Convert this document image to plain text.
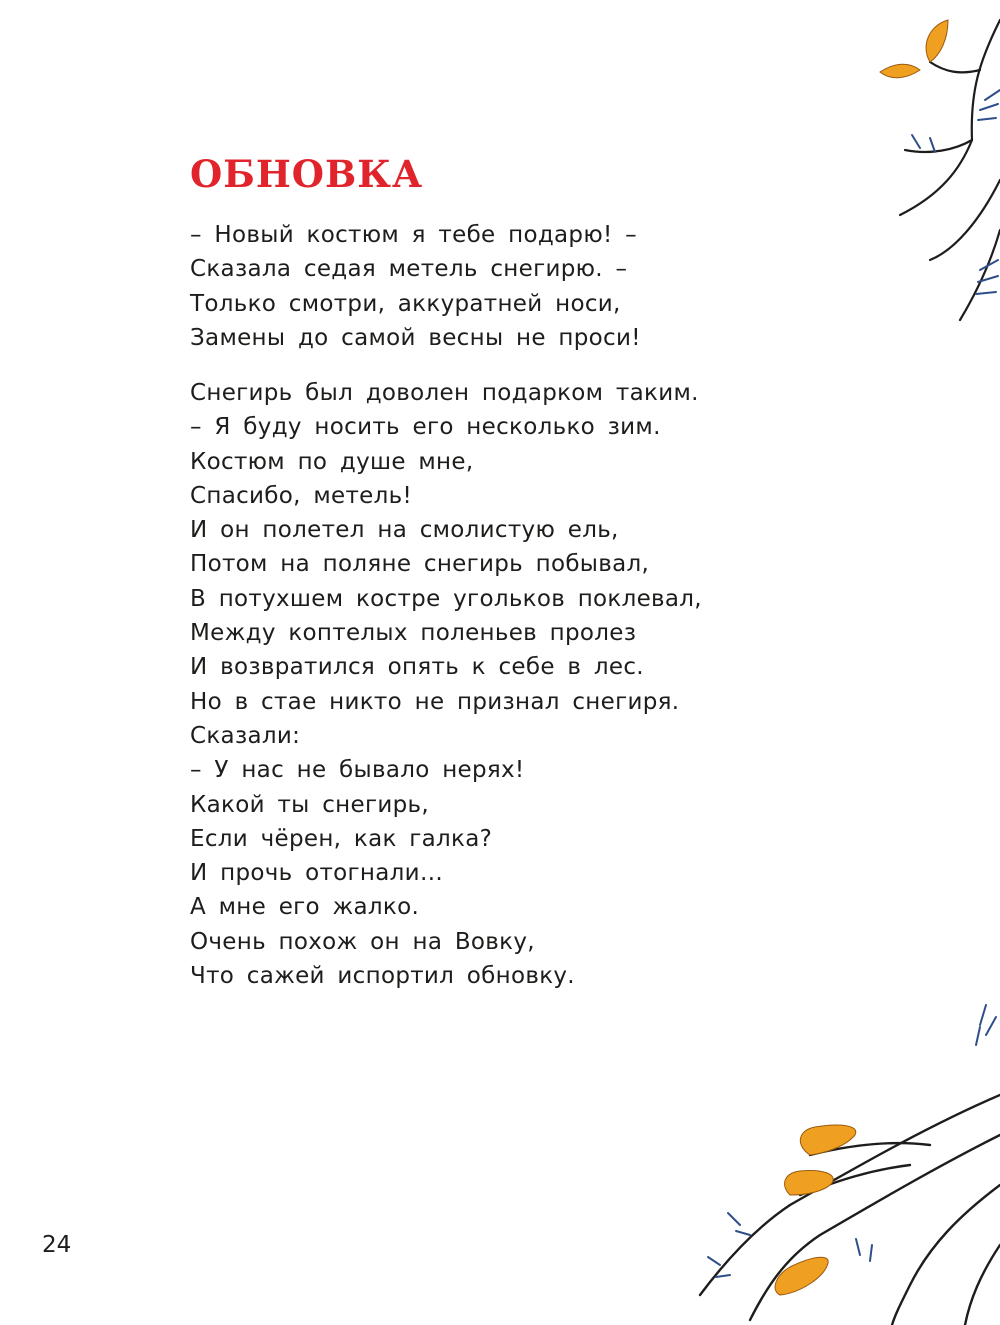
ОБНОВКА
– Новый костюм я тебе подарю! –
Сказала седая метель снегирю. –
Только смотри, аккуратней носи,
Замены до самой весны не проси!
Снегирь был доволен подарком таким.
– Я буду носить его несколько зим.
Костюм по душе мне,
Спасибо, метель!
И он полетел на смолистую ель,
Потом на поляне снегирь побывал,
В потухшем костре угольков поклевал,
Между коптелых поленьев пролез
И возвратился опять к себе в лес.
Но в стае никто не признал снегиря.
Сказали:
– У нас не бывало нерях!
Какой ты снегирь,
Если чёрен, как галка?
И прочь отогнали…
А мне его жалко.
Очень похож он на Вовку,
Что сажей испортил обновку.
24
